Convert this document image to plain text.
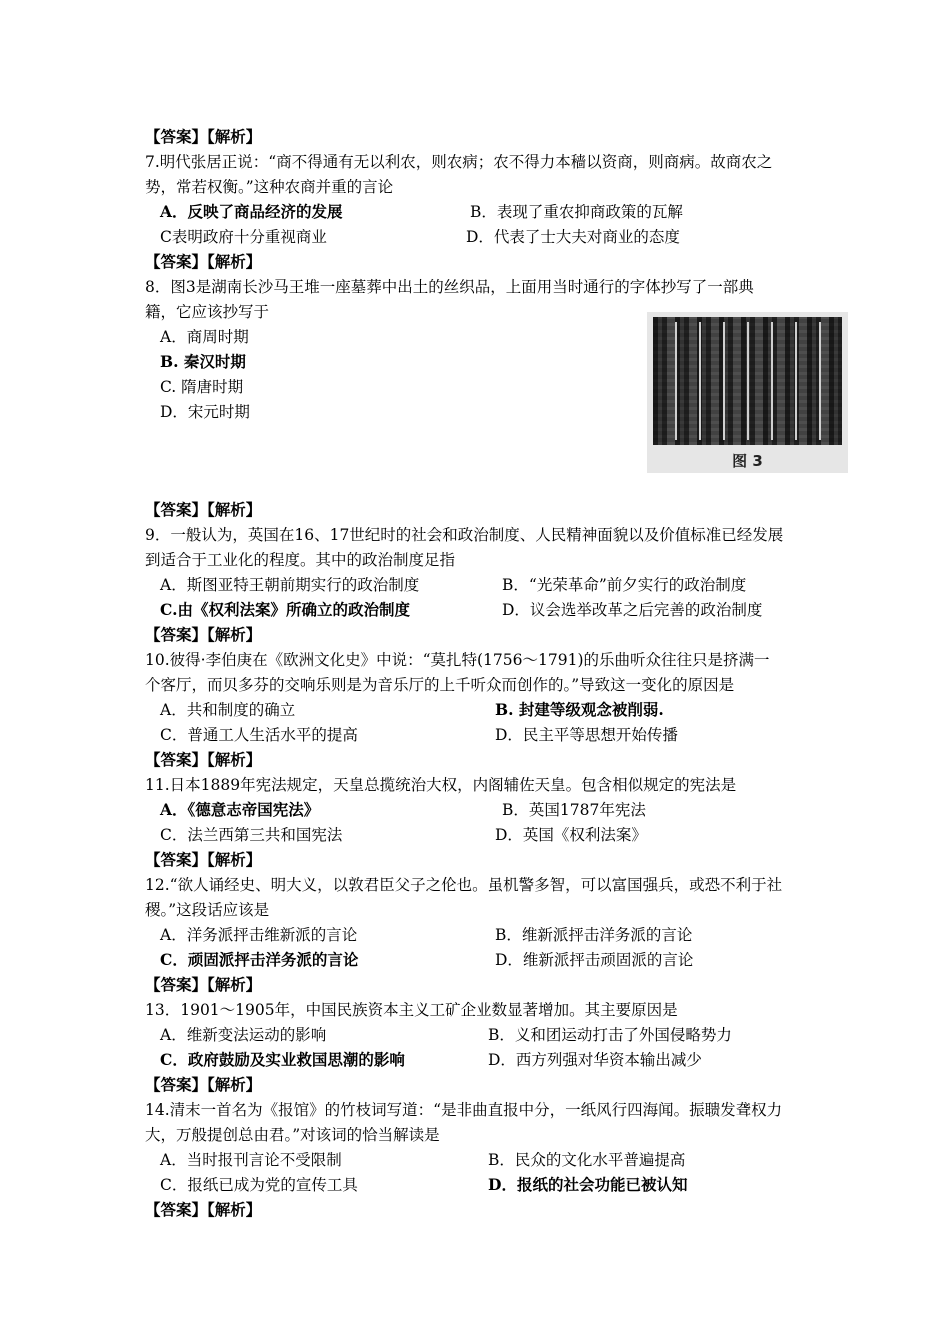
【答案】【解析】
7.明代张居正说：“商不得通有无以利农，则农病；农不得力本穑以资商，则商病。故商农之
势，常若权衡。”这种农商并重的言论
A．反映了商品经济的发展	B．表现了重农抑商政策的瓦解
C表明政府十分重视商业	D．代表了士大夫对商业的态度
【答案】【解析】
8．图3是湖南长沙马王堆一座墓葬中出土的丝织品，上面用当时通行的字体抄写了一部典
籍，它应该抄写于
A．商周时期
B. 秦汉时期
C. 隋唐时期
D．宋元时期
图 3
【答案】【解析】
9．一般认为，英国在16、17世纪时的社会和政治制度、人民精神面貌以及价值标准已经发展
到适合于工业化的程度。其中的政治制度足指
A．斯图亚特王朝前期实行的政治制度	B．“光荣革命”前夕实行的政治制度
C.由《权利法案》所确立的政治制度	D．议会选举改革之后完善的政治制度
【答案】【解析】
10.彼得·李伯庚在《欧洲文化史》中说：“莫扎特(1756～1791)的乐曲听众往往只是挤满一
个客厅，而贝多芬的交响乐则是为音乐厅的上千听众而创作的。”导致这一变化的原因是
A．共和制度的确立	B. 封建等级观念被削弱.
C．普通工人生活水平的提高	D．民主平等思想开始传播
【答案】【解析】
11.日本1889年宪法规定，天皇总揽统治大权，内阁辅佐天皇。包含相似规定的宪法是
A．《德意志帝国宪法》	B．英国1787年宪法
C．法兰西第三共和国宪法	D．英国《权利法案》
【答案】【解析】
12.“欲人诵经史、明大义，以敦君臣父子之伦也。虽机警多智，可以富国强兵，或恐不利于社
稷。”这段话应该是
A．洋务派抨击维新派的言论	B．维新派抨击洋务派的言论
C．顽固派抨击洋务派的言论	D．维新派抨击顽固派的言论
【答案】【解析】
13．1901～1905年，中国民族资本主义工矿企业数显著增加。其主要原因是
A．维新变法运动的影响	B．义和团运动打击了外国侵略势力
C．政府鼓励及实业救国思潮的影响	D．西方列强对华资本输出减少
【答案】【解析】
14.清末一首名为《报馆》的竹枝词写道：“是非曲直报中分，一纸风行四海闻。振聩发聋权力
大，万般提创总由君。”对该词的恰当解读是
A．当时报刊言论不受限制	B．民众的文化水平普遍提高
C．报纸已成为党的宣传工具	D．报纸的社会功能已被认知
【答案】【解析】
